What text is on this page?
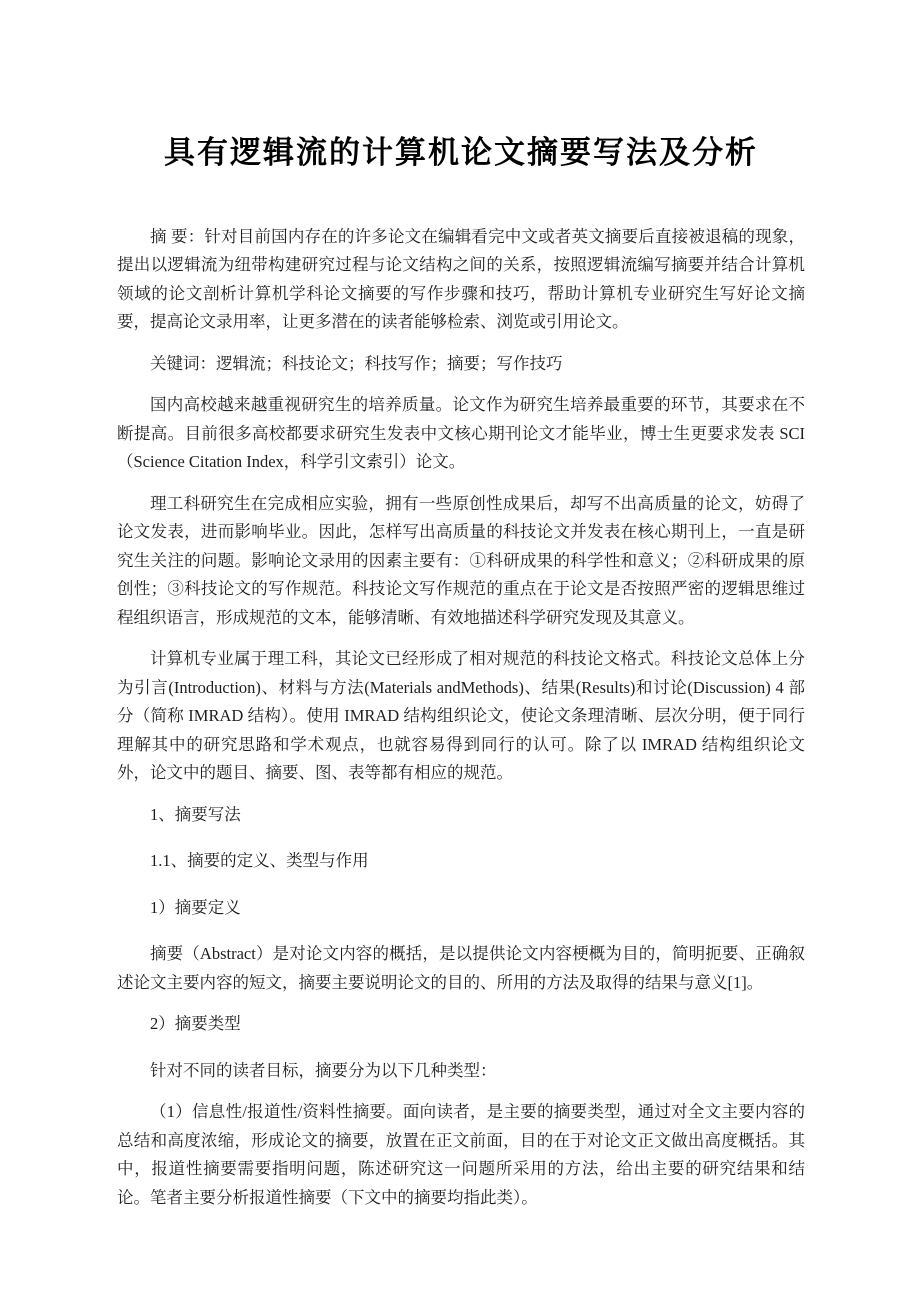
具有逻辑流的计算机论文摘要写法及分析

摘 要：针对目前国内存在的许多论文在编辑看完中文或者英文摘要后直接被退稿的现象，提出以逻辑流为纽带构建研究过程与论文结构之间的关系，按照逻辑流编写摘要并结合计算机领域的论文剖析计算机学科论文摘要的写作步骤和技巧，帮助计算机专业研究生写好论文摘要，提高论文录用率，让更多潜在的读者能够检索、浏览或引用论文。

关键词：逻辑流；科技论文；科技写作；摘要；写作技巧

国内高校越来越重视研究生的培养质量。论文作为研究生培养最重要的环节，其要求在不断提高。目前很多高校都要求研究生发表中文核心期刊论文才能毕业，博士生更要求发表 SCI（Science Citation Index，科学引文索引）论文。

理工科研究生在完成相应实验，拥有一些原创性成果后，却写不出高质量的论文，妨碍了论文发表，进而影响毕业。因此，怎样写出高质量的科技论文并发表在核心期刊上，一直是研究生关注的问题。影响论文录用的因素主要有：①科研成果的科学性和意义；②科研成果的原创性；③科技论文的写作规范。科技论文写作规范的重点在于论文是否按照严密的逻辑思维过程组织语言，形成规范的文本，能够清晰、有效地描述科学研究发现及其意义。

计算机专业属于理工科，其论文已经形成了相对规范的科技论文格式。科技论文总体上分为引言(Introduction)、材料与方法(Materials andMethods)、结果(Results)和讨论(Discussion) 4 部分（简称 IMRAD 结构）。使用 IMRAD 结构组织论文，使论文条理清晰、层次分明，便于同行理解其中的研究思路和学术观点，也就容易得到同行的认可。除了以 IMRAD 结构组织论文外，论文中的题目、摘要、图、表等都有相应的规范。

1、摘要写法

1.1、摘要的定义、类型与作用

1）摘要定义

摘要（Abstract）是对论文内容的概括，是以提供论文内容梗概为目的，简明扼要、正确叙述论文主要内容的短文，摘要主要说明论文的目的、所用的方法及取得的结果与意义[1]。

2）摘要类型

针对不同的读者目标，摘要分为以下几种类型：

（1）信息性/报道性/资料性摘要。面向读者，是主要的摘要类型，通过对全文主要内容的总结和高度浓缩，形成论文的摘要，放置在正文前面，目的在于对论文正文做出高度概括。其中，报道性摘要需要指明问题，陈述研究这一问题所采用的方法，给出主要的研究结果和结论。笔者主要分析报道性摘要（下文中的摘要均指此类）。
